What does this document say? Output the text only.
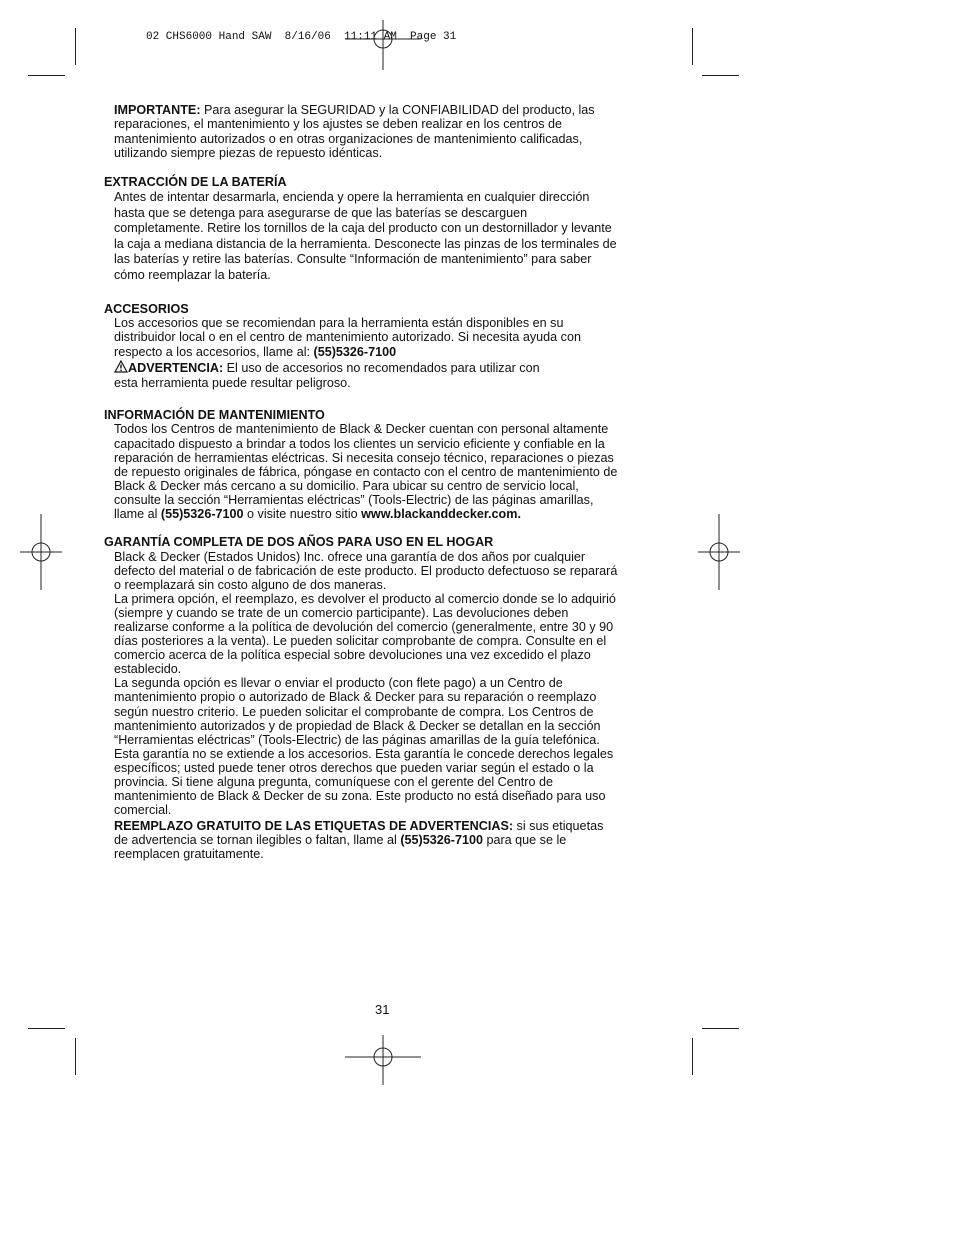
02 CHS6000 Hand SAW  8/16/06  11:11 AM  Page 31

IMPORTANTE: Para asegurar la SEGURIDAD y la CONFIABILIDAD del producto, las

reparaciones, el mantenimiento y los ajustes se deben realizar en los centros de

mantenimiento autorizados o en otras organizaciones de mantenimiento calificadas,

utilizando siempre piezas de repuesto idénticas.

EXTRACCIÓN DE LA BATERÍA

Antes de intentar desarmarla, encienda y opere la herramienta en cualquier dirección

hasta que se detenga para asegurarse de que las baterías se descarguen

completamente. Retire los tornillos de la caja del producto con un destornillador y levante

la caja a mediana distancia de la herramienta. Desconecte las pinzas de los terminales de

las baterías y retire las baterías. Consulte “Información de mantenimiento” para saber

cómo reemplazar la batería.

ACCESORIOS

Los accesorios que se recomiendan para la herramienta están disponibles en su

distribuidor local o en el centro de mantenimiento autorizado. Si necesita ayuda con

respecto a los accesorios, llame al: (55)5326-7100

ADVERTENCIA: El uso de accesorios no recomendados para utilizar con

esta herramienta puede resultar peligroso.

INFORMACIÓN DE MANTENIMIENTO

Todos los Centros de mantenimiento de Black & Decker cuentan con personal altamente

capacitado dispuesto a brindar a todos los clientes un servicio eficiente y confiable en la

reparación de herramientas eléctricas. Si necesita consejo técnico, reparaciones o piezas

de repuesto originales de fábrica, póngase en contacto con el centro de mantenimiento de

Black & Decker más cercano a su domicilio. Para ubicar su centro de servicio local,

consulte la sección “Herramientas eléctricas” (Tools-Electric) de las páginas amarillas,

llame al (55)5326-7100 o visite nuestro sitio www.blackanddecker.com.

GARANTÍA COMPLETA DE DOS AÑOS PARA USO EN EL HOGAR

Black & Decker (Estados Unidos) Inc. ofrece una garantía de dos años por cualquier

defecto del material o de fabricación de este producto. El producto defectuoso se reparará

o reemplazará sin costo alguno de dos maneras.

La primera opción, el reemplazo, es devolver el producto al comercio donde se lo adquirió

(siempre y cuando se trate de un comercio participante). Las devoluciones deben

realizarse conforme a la política de devolución del comercio (generalmente, entre 30 y 90

días posteriores a la venta). Le pueden solicitar comprobante de compra. Consulte en el

comercio acerca de la política especial sobre devoluciones una vez excedido el plazo

establecido.

La segunda opción es llevar o enviar el producto (con flete pago) a un Centro de

mantenimiento propio o autorizado de Black & Decker para su reparación o reemplazo

según nuestro criterio. Le pueden solicitar el comprobante de compra. Los Centros de

mantenimiento autorizados y de propiedad de Black & Decker se detallan en la sección

“Herramientas eléctricas” (Tools-Electric) de las páginas amarillas de la guía telefónica.

Esta garantía no se extiende a los accesorios. Esta garantía le concede derechos legales

específicos; usted puede tener otros derechos que pueden variar según el estado o la

provincia. Si tiene alguna pregunta, comuníquese con el gerente del Centro de

mantenimiento de Black & Decker de su zona. Este producto no está diseñado para uso

comercial.

REEMPLAZO GRATUITO DE LAS ETIQUETAS DE ADVERTENCIAS: si sus etiquetas

de advertencia se tornan ilegibles o faltan, llame al (55)5326-7100 para que se le

reemplacen gratuitamente.

31
